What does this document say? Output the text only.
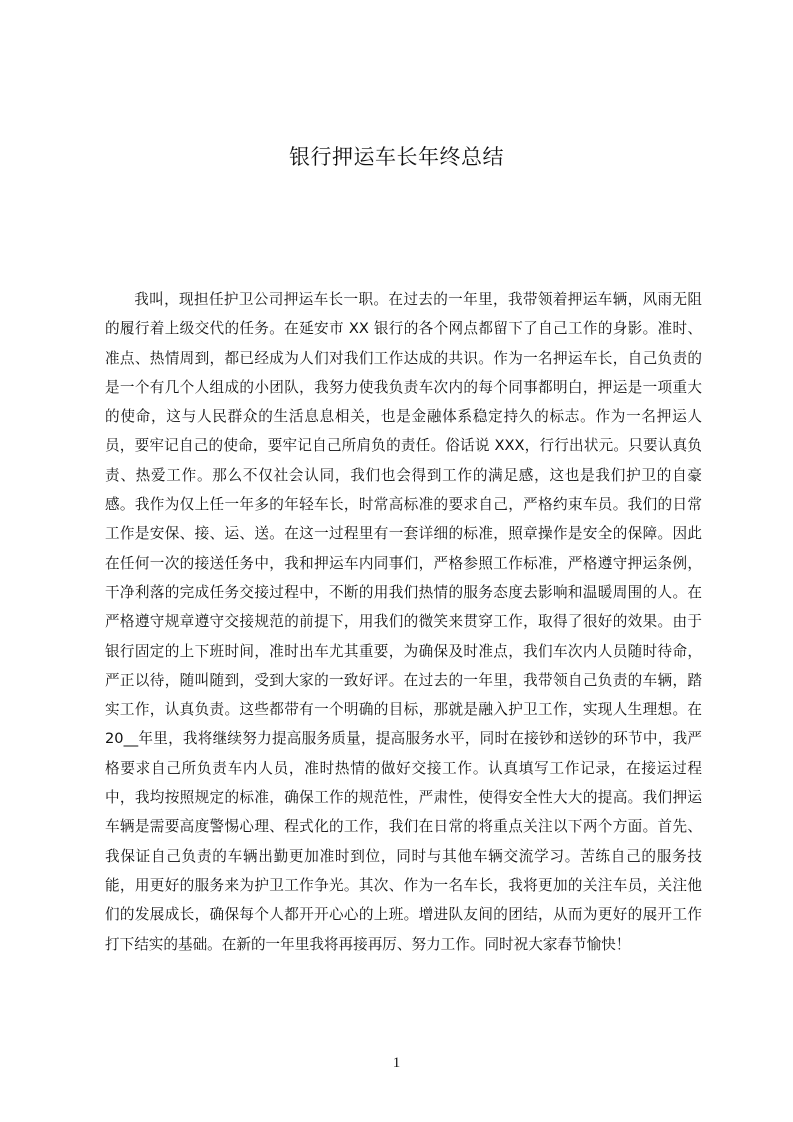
银行押运车长年终总结

我叫，现担任护卫公司押运车长一职。在过去的一年里，我带领着押运车辆，风雨无阻的履行着上级交代的任务。在延安市 XX 银行的各个网点都留下了自己工作的身影。准时、准点、热情周到，都已经成为人们对我们工作达成的共识。作为一名押运车长，自己负责的是一个有几个人组成的小团队，我努力使我负责车次内的每个同事都明白，押运是一项重大的使命，这与人民群众的生活息息相关，也是金融体系稳定持久的标志。作为一名押运人员，要牢记自己的使命，要牢记自己所肩负的责任。俗话说 XXX，行行出状元。只要认真负责、热爱工作。那么不仅社会认同，我们也会得到工作的满足感，这也是我们护卫的自豪感。我作为仅上任一年多的年轻车长，时常高标准的要求自己，严格约束车员。我们的日常工作是安保、接、运、送。在这一过程里有一套详细的标准，照章操作是安全的保障。因此在任何一次的接送任务中，我和押运车内同事们，严格参照工作标准，严格遵守押运条例，干净利落的完成任务交接过程中，不断的用我们热情的服务态度去影响和温暖周围的人。在严格遵守规章遵守交接规范的前提下，用我们的微笑来贯穿工作，取得了很好的效果。由于银行固定的上下班时间，准时出车尤其重要，为确保及时准点，我们车次内人员随时待命，严正以待，随叫随到，受到大家的一致好评。在过去的一年里，我带领自己负责的车辆，踏实工作，认真负责。这些都带有一个明确的目标，那就是融入护卫工作，实现人生理想。在 20__年里，我将继续努力提高服务质量，提高服务水平，同时在接钞和送钞的环节中，我严格要求自己所负责车内人员，准时热情的做好交接工作。认真填写工作记录，在接运过程中，我均按照规定的标准，确保工作的规范性，严肃性，使得安全性大大的提高。我们押运车辆是需要高度警惕心理、程式化的工作，我们在日常的将重点关注以下两个方面。首先、我保证自己负责的车辆出勤更加准时到位，同时与其他车辆交流学习。苦练自己的服务技能，用更好的服务来为护卫工作争光。其次、作为一名车长，我将更加的关注车员，关注他们的发展成长，确保每个人都开开心心的上班。增进队友间的团结，从而为更好的展开工作打下结实的基础。在新的一年里我将再接再厉、努力工作。同时祝大家春节愉快！

1
